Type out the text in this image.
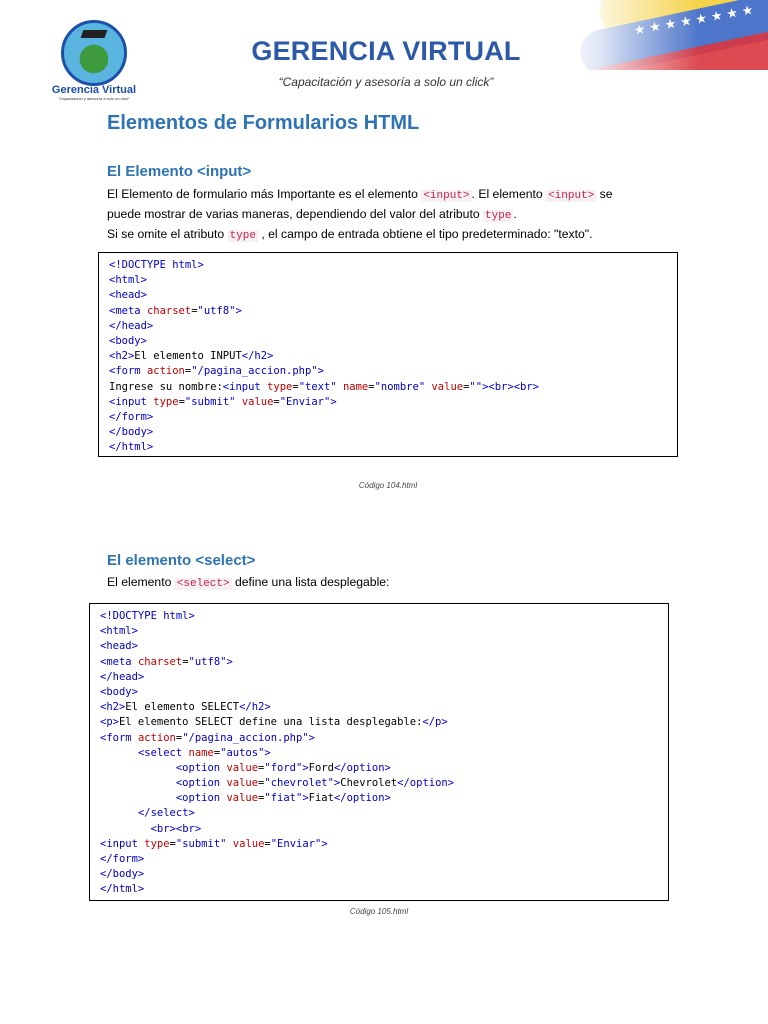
Gerencia Virtual
"Capacitación y asesoría a solo un click"
GERENCIA VIRTUAL
“Capacitación y asesoría a solo un click”
Elementos de Formularios HTML
El Elemento <input>
El Elemento de formulario más Importante es el elemento <input> . El elemento <input> se
puede mostrar de varias maneras, dependiendo del valor del atributo type .
Si se omite el atributo type , el campo de entrada obtiene el tipo predeterminado: "texto".
<!DOCTYPE html>
<html>
<head>
<meta charset="utf8">
</head>
<body>
<h2>El elemento INPUT</h2>
<form action="/pagina_accion.php">
Ingrese su nombre:<input type="text" name="nombre" value=""><br><br>
<input type="submit" value="Enviar">
</form>
</body>
</html>
Código 104.html
El elemento <select>
El elemento <select> define una lista desplegable:
<!DOCTYPE html>
<html>
<head>
<meta charset="utf8">
</head>
<body>
<h2>El elemento SELECT</h2>
<p>El elemento SELECT define una lista desplegable:</p>
<form action="/pagina_accion.php">
<select name="autos">
<option value="ford">Ford</option>
<option value="chevrolet">Chevrolet</option>
<option value="fiat">Fiat</option>
</select>
<br><br>
<input type="submit" value="Enviar">
</form>
</body>
</html>
Código 105.html
